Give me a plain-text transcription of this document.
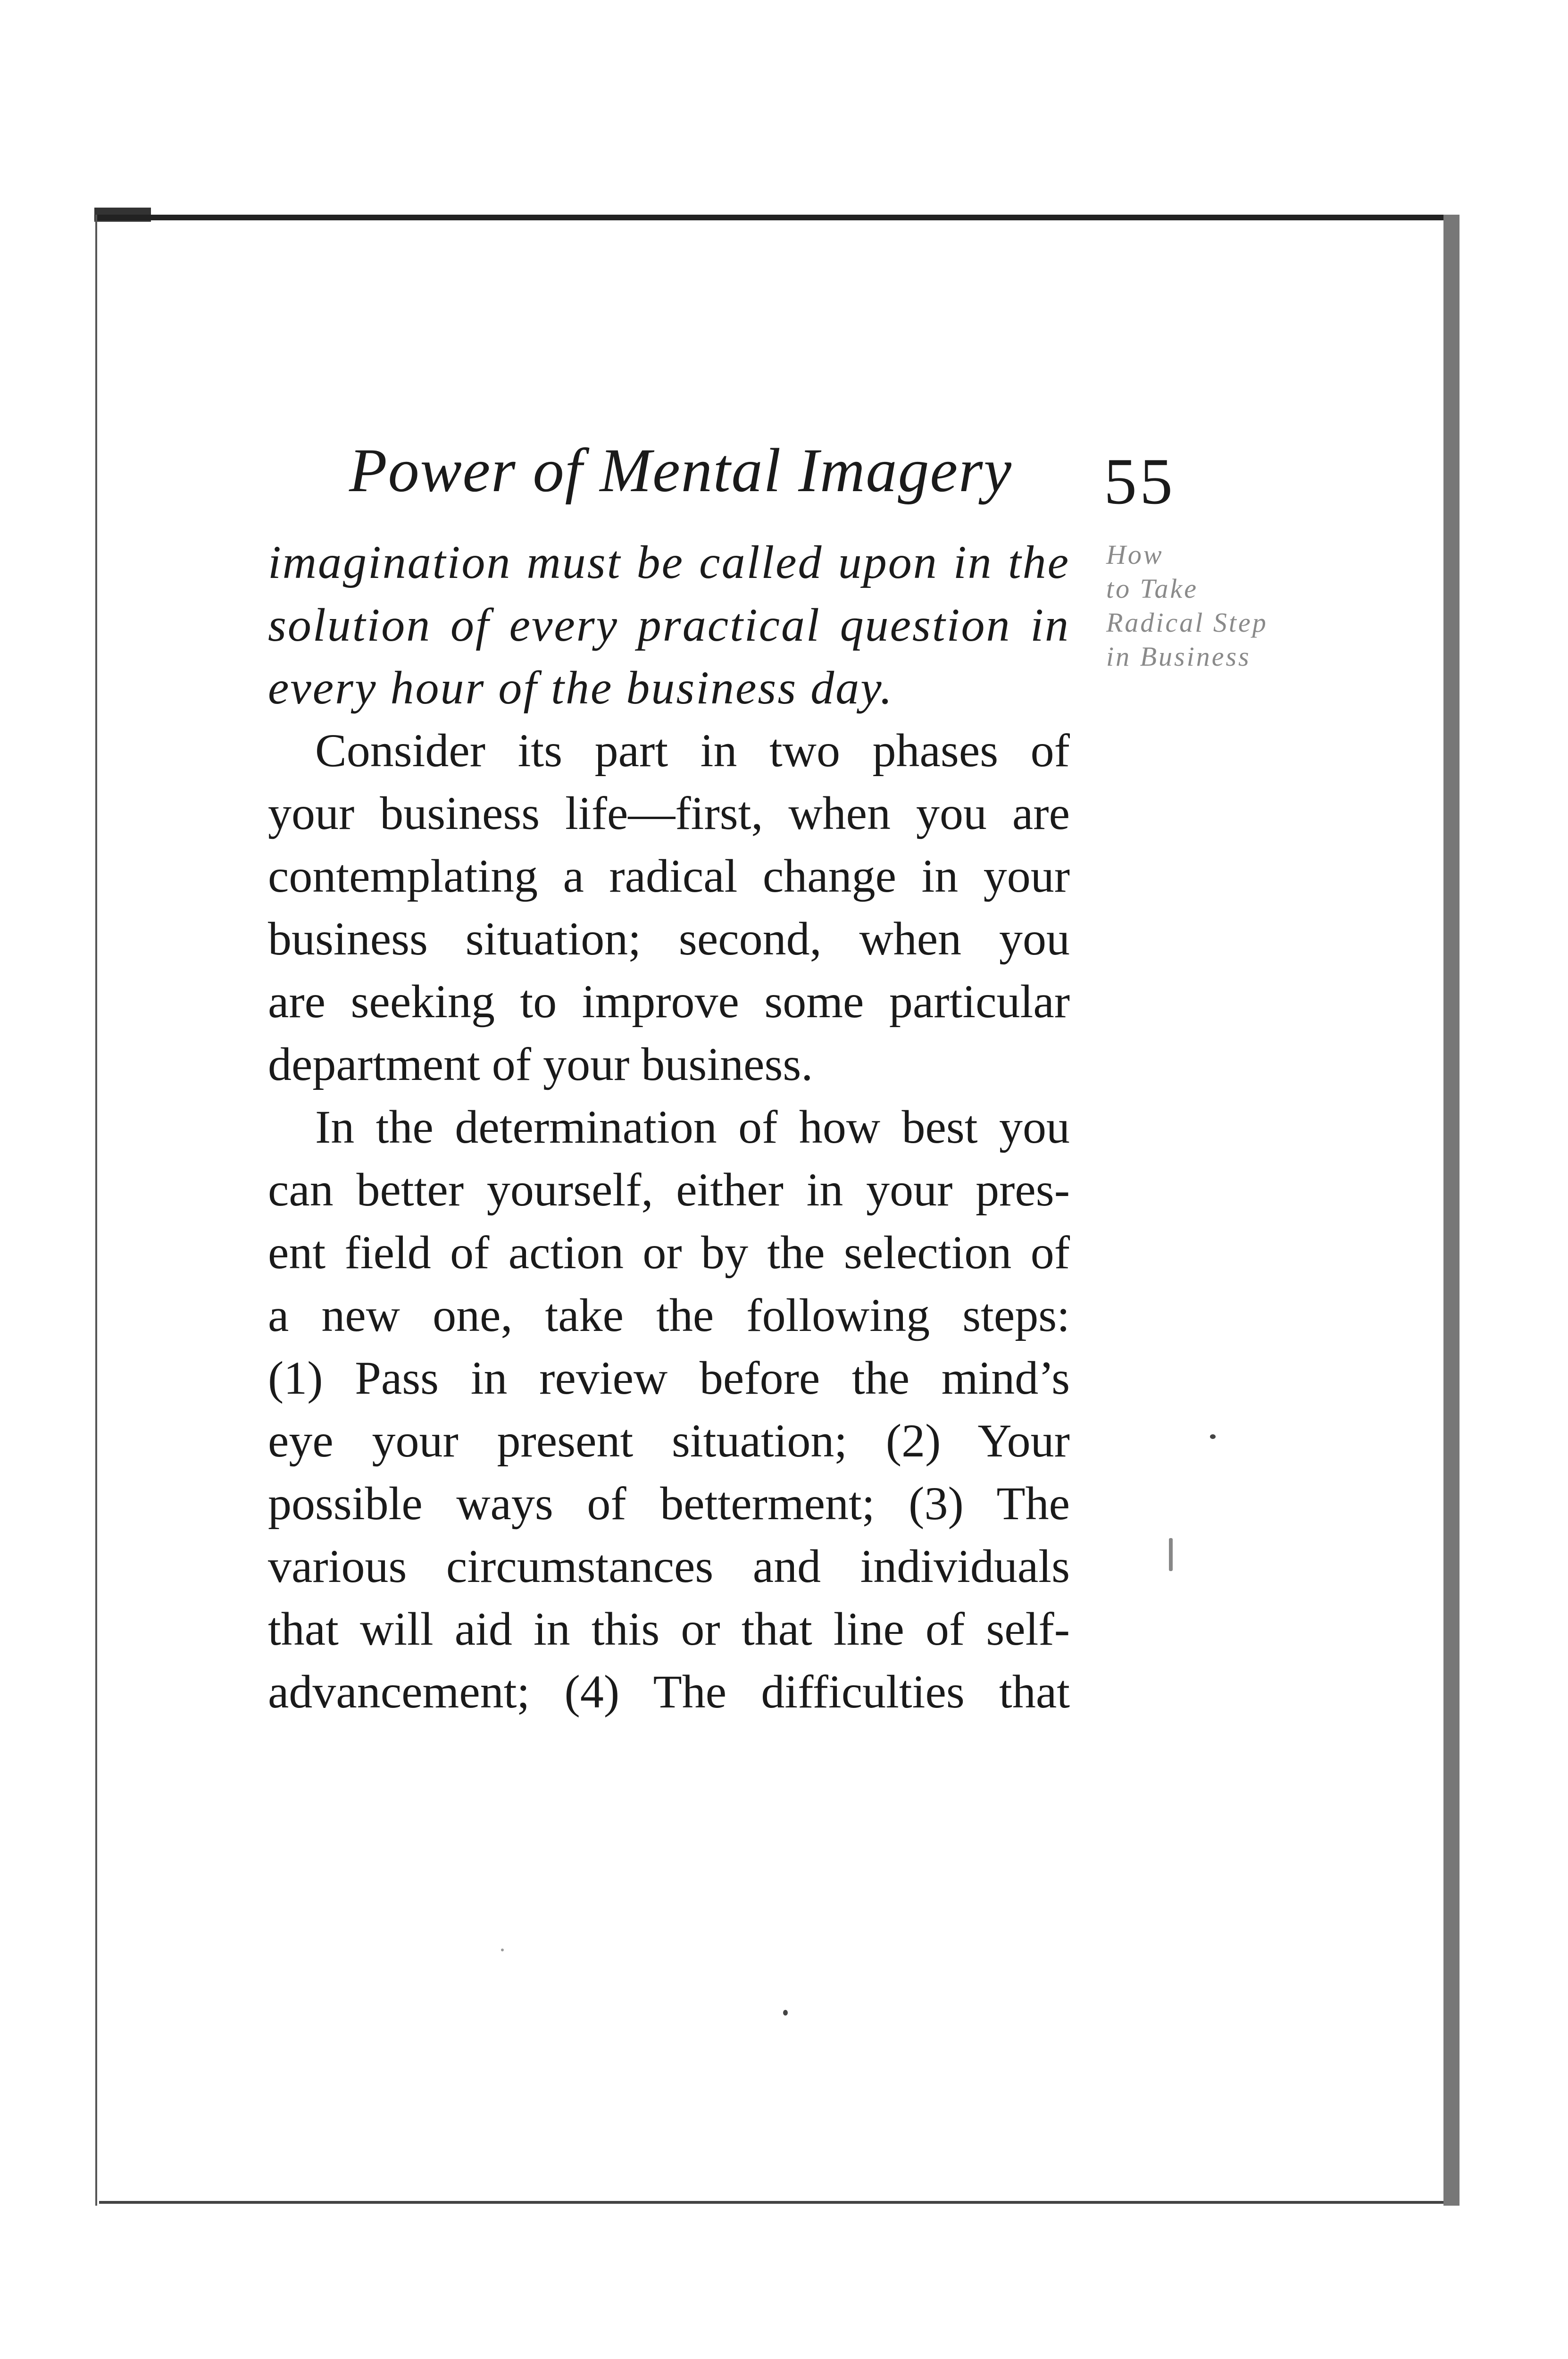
Power of Mental Imagery 55
How
to Take
Radical Step
in Business
imagination must be called upon in the
solution of every practical question in
every hour of the business day.
Consider its part in two phases of
your business life—first, when you are
contemplating a radical change in your
business situation; second, when you
are seeking to improve some particular
department of your business.
In the determination of how best you
can better yourself, either in your pres-
ent field of action or by the selection of
a new one, take the following steps:
(1) Pass in review before the mind’s
eye your present situation; (2) Your
possible ways of betterment; (3) The
various circumstances and individuals
that will aid in this or that line of self-
advancement; (4) The difficulties that
